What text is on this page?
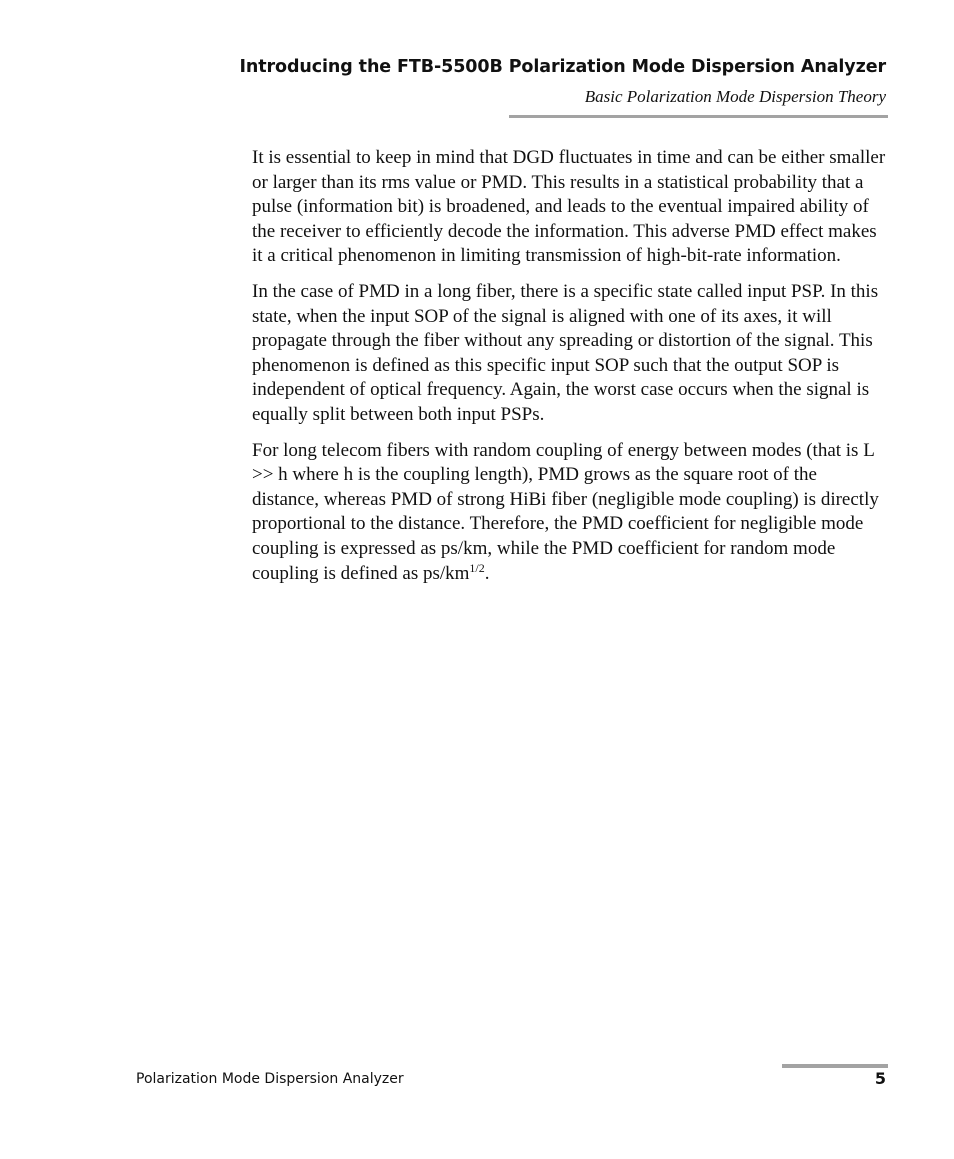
Introducing the FTB-5500B Polarization Mode Dispersion Analyzer
Basic Polarization Mode Dispersion Theory

It is essential to keep in mind that DGD fluctuates in time and can be either smaller or larger than its rms value or PMD. This results in a statistical probability that a pulse (information bit) is broadened, and leads to the eventual impaired ability of the receiver to efficiently decode the information. This adverse PMD effect makes it a critical phenomenon in limiting transmission of high-bit-rate information.

In the case of PMD in a long fiber, there is a specific state called input PSP. In this state, when the input SOP of the signal is aligned with one of its axes, it will propagate through the fiber without any spreading or distortion of the signal. This phenomenon is defined as this specific input SOP such that the output SOP is independent of optical frequency. Again, the worst case occurs when the signal is equally split between both input PSPs.

For long telecom fibers with random coupling of energy between modes (that is L >> h where h is the coupling length), PMD grows as the square root of the distance, whereas PMD of strong HiBi fiber (negligible mode coupling) is directly proportional to the distance. Therefore, the PMD coefficient for negligible mode coupling is expressed as ps/km, while the PMD coefficient for random mode coupling is defined as $ps/km^{1/2}$.

Polarization Mode Dispersion Analyzer	5
